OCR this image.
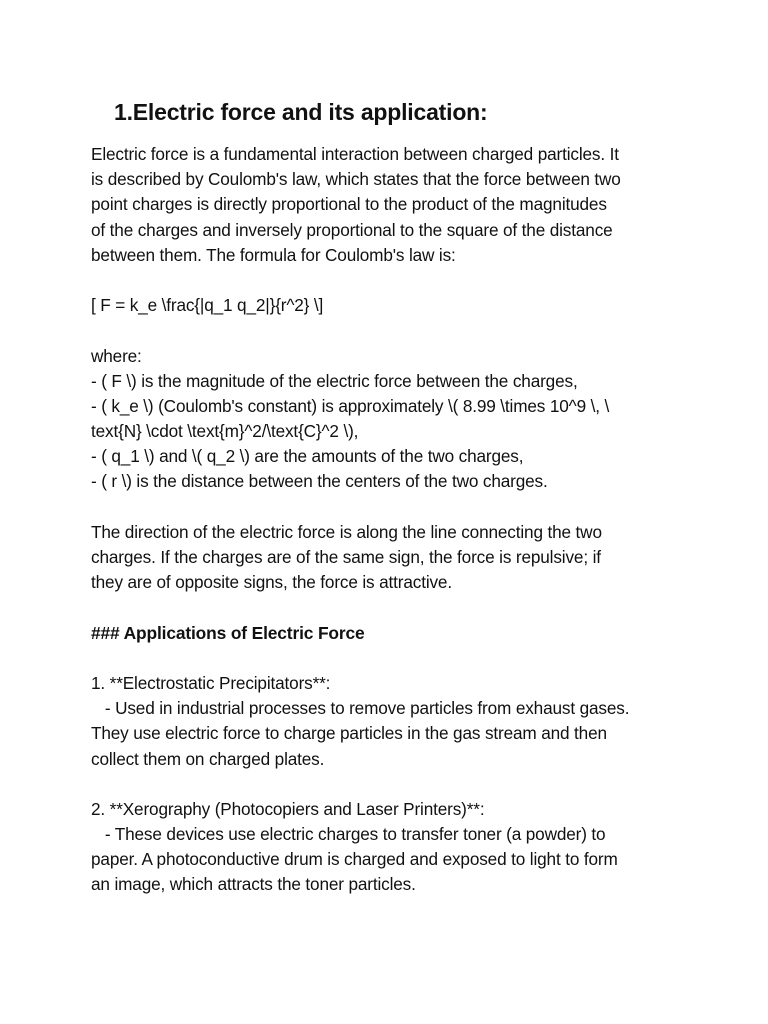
1.Electric force and its application:
Electric force is a fundamental interaction between charged particles. It
is described by Coulomb's law, which states that the force between two
point charges is directly proportional to the product of the magnitudes
of the charges and inversely proportional to the square of the distance
between them. The formula for Coulomb's law is:
[ F = k_e \frac{|q_1 q_2|}{r^2} \]
where:
- ( F \) is the magnitude of the electric force between the charges,
- ( k_e \) (Coulomb's constant) is approximately \( 8.99 \times 10^9 \, \
text{N} \cdot \text{m}^2/\text{C}^2 \),
- ( q_1 \) and \( q_2 \) are the amounts of the two charges,
- ( r \) is the distance between the centers of the two charges.
The direction of the electric force is along the line connecting the two
charges. If the charges are of the same sign, the force is repulsive; if
they are of opposite signs, the force is attractive.
### Applications of Electric Force
1. **Electrostatic Precipitators**:
- Used in industrial processes to remove particles from exhaust gases.
They use electric force to charge particles in the gas stream and then
collect them on charged plates.
2. **Xerography (Photocopiers and Laser Printers)**:
- These devices use electric charges to transfer toner (a powder) to
paper. A photoconductive drum is charged and exposed to light to form
an image, which attracts the toner particles.
